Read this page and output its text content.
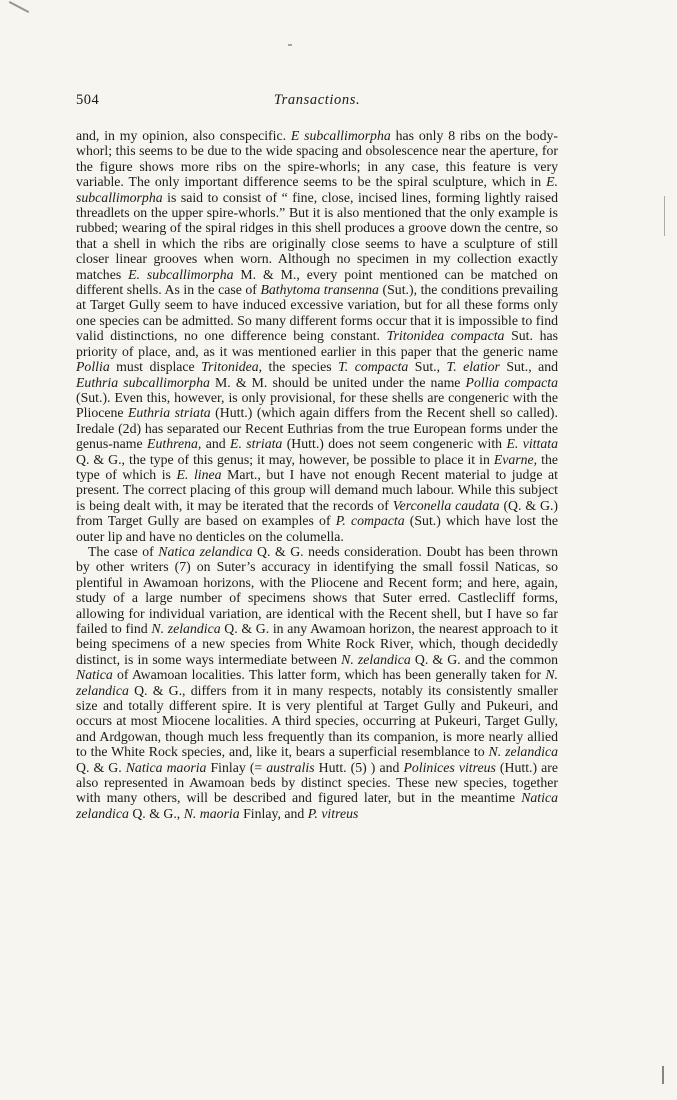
504	Transactions.

and, in my opinion, also conspecific. E subcallimorpha has only 8 ribs on the body-whorl; this seems to be due to the wide spacing and obsolescence near the aperture, for the figure shows more ribs on the spire-whorls; in any case, this feature is very variable. The only important difference seems to be the spiral sculpture, which in E. subcallimorpha is said to consist of “ fine, close, incised lines, forming lightly raised threadlets on the upper spire-whorls.” But it is also mentioned that the only example is rubbed; wearing of the spiral ridges in this shell produces a groove down the centre, so that a shell in which the ribs are originally close seems to have a sculpture of still closer linear grooves when worn. Although no specimen in my collection exactly matches E. subcallimorpha M. & M., every point mentioned can be matched on different shells. As in the case of Bathytoma transenna (Sut.), the conditions prevailing at Target Gully seem to have induced excessive variation, but for all these forms only one species can be admitted. So many different forms occur that it is impossible to find valid distinctions, no one difference being constant. Tritonidea compacta Sut. has priority of place, and, as it was mentioned earlier in this paper that the generic name Pollia must displace Tritonidea, the species T. compacta Sut., T. elatior Sut., and Euthria subcallimorpha M. & M. should be united under the name Pollia compacta (Sut.). Even this, however, is only provisional, for these shells are congeneric with the Pliocene Euthria striata (Hutt.) (which again differs from the Recent shell so called). Iredale (2d) has separated our Recent Euthrias from the true European forms under the genus-name Euthrena, and E. striata (Hutt.) does not seem congeneric with E. vittata Q. & G., the type of this genus; it may, however, be possible to place it in Evarne, the type of which is E. linea Mart., but I have not enough Recent material to judge at present. The correct placing of this group will demand much labour. While this subject is being dealt with, it may be iterated that the records of Verconella caudata (Q. & G.) from Target Gully are based on examples of P. compacta (Sut.) which have lost the outer lip and have no denticles on the columella.

The case of Natica zelandica Q. & G. needs consideration. Doubt has been thrown by other writers (7) on Suter’s accuracy in identifying the small fossil Naticas, so plentiful in Awamoan horizons, with the Pliocene and Recent form; and here, again, study of a large number of specimens shows that Suter erred. Castlecliff forms, allowing for individual variation, are identical with the Recent shell, but I have so far failed to find N. zelandica Q. & G. in any Awamoan horizon, the nearest approach to it being specimens of a new species from White Rock River, which, though decidedly distinct, is in some ways intermediate between N. zelandica Q. & G. and the common Natica of Awamoan localities. This latter form, which has been generally taken for N. zelandica Q. & G., differs from it in many respects, notably its consistently smaller size and totally different spire. It is very plentiful at Target Gully and Pukeuri, and occurs at most Miocene localities. A third species, occurring at Pukeuri, Target Gully, and Ardgowan, though much less frequently than its companion, is more nearly allied to the White Rock species, and, like it, bears a superficial resemblance to N. zelandica Q. & G. Natica maoria Finlay (= australis Hutt. (5) ) and Polinices vitreus (Hutt.) are also represented in Awamoan beds by distinct species. These new species, together with many others, will be described and figured later, but in the meantime Natica zelandica Q. & G., N. maoria Finlay, and P. vitreus
